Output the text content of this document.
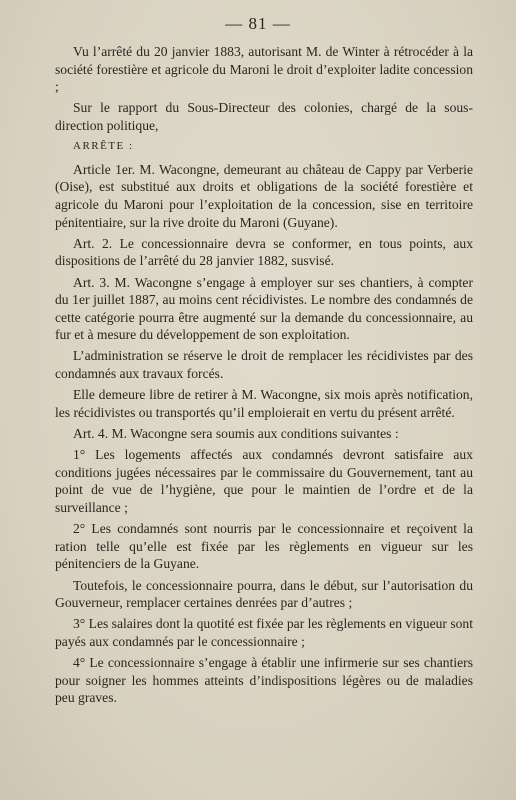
— 81 —

Vu l’arrêté du 20 janvier 1883, autorisant M. de Winter à rétrocéder à la société forestière et agricole du Maroni le droit d’exploiter ladite concession ;

Sur le rapport du Sous-Directeur des colonies, chargé de la sous-direction politique,

ARRÊTE :

Article 1er. M. Wacongne, demeurant au château de Cappy par Verberie (Oise), est substitué aux droits et obligations de la société forestière et agricole du Maroni pour l’exploitation de la concession, sise en territoire pénitentiaire, sur la rive droite du Maroni (Guyane).

Art. 2. Le concessionnaire devra se conformer, en tous points, aux dispositions de l’arrêté du 28 janvier 1882, susvisé.

Art. 3. M. Wacongne s’engage à employer sur ses chantiers, à compter du 1er juillet 1887, au moins cent récidivistes. Le nombre des condamnés de cette catégorie pourra être augmenté sur la demande du concessionnaire, au fur et à mesure du développement de son exploitation.

L’administration se réserve le droit de remplacer les récidivistes par des condamnés aux travaux forcés.

Elle demeure libre de retirer à M. Wacongne, six mois après notification, les récidivistes ou transportés qu’il emploierait en vertu du présent arrêté.

Art. 4. M. Wacongne sera soumis aux conditions suivantes :

1° Les logements affectés aux condamnés devront satisfaire aux conditions jugées nécessaires par le commissaire du Gouvernement, tant au point de vue de l’hygiène, que pour le maintien de l’ordre et de la surveillance ;

2° Les condamnés sont nourris par le concessionnaire et reçoivent la ration telle qu’elle est fixée par les règlements en vigueur sur les pénitenciers de la Guyane.

Toutefois, le concessionnaire pourra, dans le début, sur l’autorisation du Gouverneur, remplacer certaines denrées par d’autres ;

3° Les salaires dont la quotité est fixée par les règlements en vigueur sont payés aux condamnés par le concessionnaire ;

4° Le concessionnaire s’engage à établir une infirmerie sur ses chantiers pour soigner les hommes atteints d’indispositions légères ou de maladies peu graves.
